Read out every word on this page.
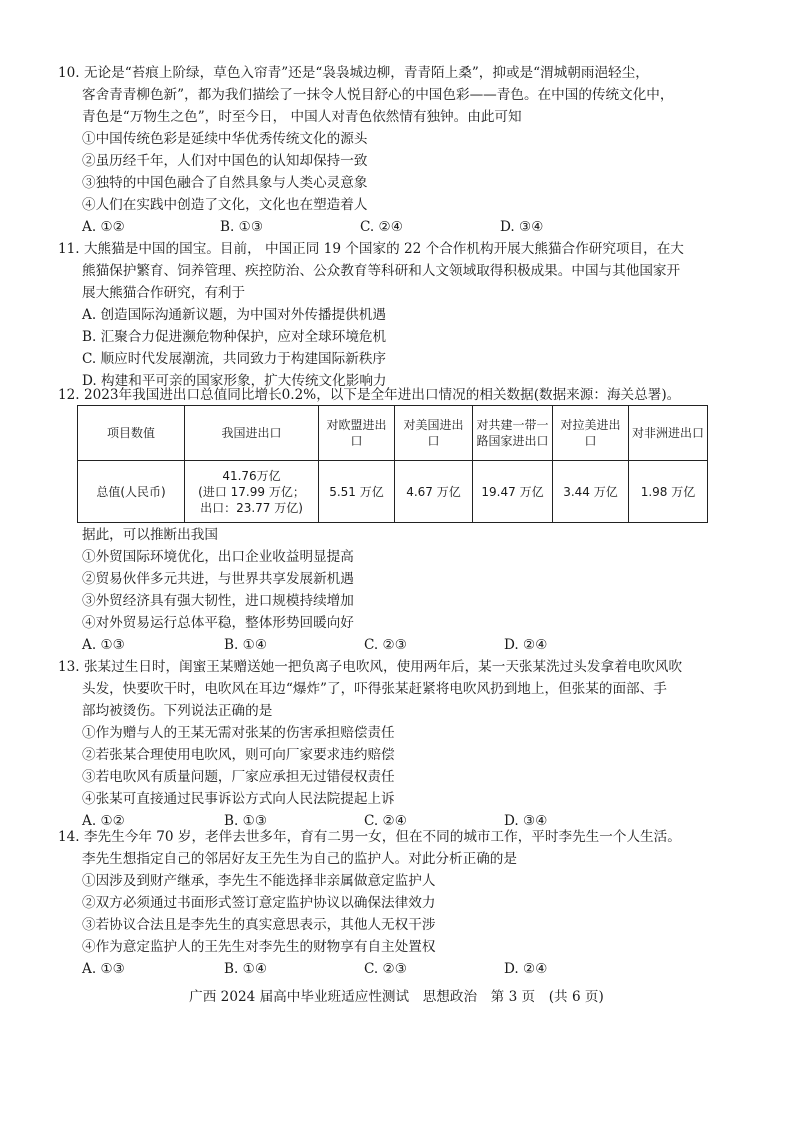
10. 无论是“苔痕上阶绿，草色入帘青”还是“袅袅城边柳，青青陌上桑”，抑或是“渭城朝雨浥轻尘，
客舍青青柳色新”，都为我们描绘了一抹令人悦目舒心的中国色彩——青色。在中国的传统文化中，
青色是“万物生之色”，时至今日， 中国人对青色依然情有独钟。由此可知
①中国传统色彩是延续中华优秀传统文化的源头
②虽历经千年，人们对中国色的认知却保持一致
③独特的中国色融合了自然具象与人类心灵意象
④人们在实践中创造了文化，文化也在塑造着人
A. ①②	B. ①③	C. ②④	D. ③④
11. 大熊猫是中国的国宝。目前， 中国正同 19 个国家的 22 个合作机构开展大熊猫合作研究项目，在大
熊猫保护繁育、饲养管理、疾控防治、公众教育等科研和人文领域取得积极成果。中国与其他国家开
展大熊猫合作研究，有利于
A. 创造国际沟通新议题，为中国对外传播提供机遇
B. 汇聚合力促进濒危物种保护，应对全球环境危机
C. 顺应时代发展潮流，共同致力于构建国际新秩序
D. 构建和平可亲的国家形象，扩大传统文化影响力
12. 2023年我国进出口总值同比增长0.2%，以下是全年进出口情况的相关数据(数据来源：海关总署)。
项目数值	我国进出口	对欧盟进出口	对美国进出口	对共建一带一路国家进出口	对拉美进出口	对非洲进出口
总值(人民币)	41.76万亿
(进口 17.99 万亿；
出口：23.77 万亿)	5.51 万亿	4.67 万亿	19.47 万亿	3.44 万亿	1.98 万亿
据此，可以推断出我国
①外贸国际环境优化，出口企业收益明显提高
②贸易伙伴多元共进，与世界共享发展新机遇
③外贸经济具有强大韧性，进口规模持续增加
④对外贸易运行总体平稳，整体形势回暖向好
A. ①③	B. ①④	C. ②③	D. ②④
13. 张某过生日时，闺蜜王某赠送她一把负离子电吹风，使用两年后，某一天张某洗过头发拿着电吹风吹
头发，快要吹干时，电吹风在耳边“爆炸”了，吓得张某赶紧将电吹风扔到地上，但张某的面部、手
部均被烫伤。下列说法正确的是
①作为赠与人的王某无需对张某的伤害承担赔偿责任
②若张某合理使用电吹风，则可向厂家要求违约赔偿
③若电吹风有质量问题，厂家应承担无过错侵权责任
④张某可直接通过民事诉讼方式向人民法院提起上诉
A. ①②	B. ①③	C. ②④	D. ③④
14. 李先生今年 70 岁，老伴去世多年，育有二男一女，但在不同的城市工作，平时李先生一个人生活。
李先生想指定自己的邻居好友王先生为自己的监护人。对此分析正确的是
①因涉及到财产继承，李先生不能选择非亲属做意定监护人
②双方必须通过书面形式签订意定监护协议以确保法律效力
③若协议合法且是李先生的真实意思表示，其他人无权干涉
④作为意定监护人的王先生对李先生的财物享有自主处置权
A. ①③	B. ①④	C. ②③	D. ②④
广西 2024 届高中毕业班适应性测试　思想政治　第 3 页　(共 6 页)
